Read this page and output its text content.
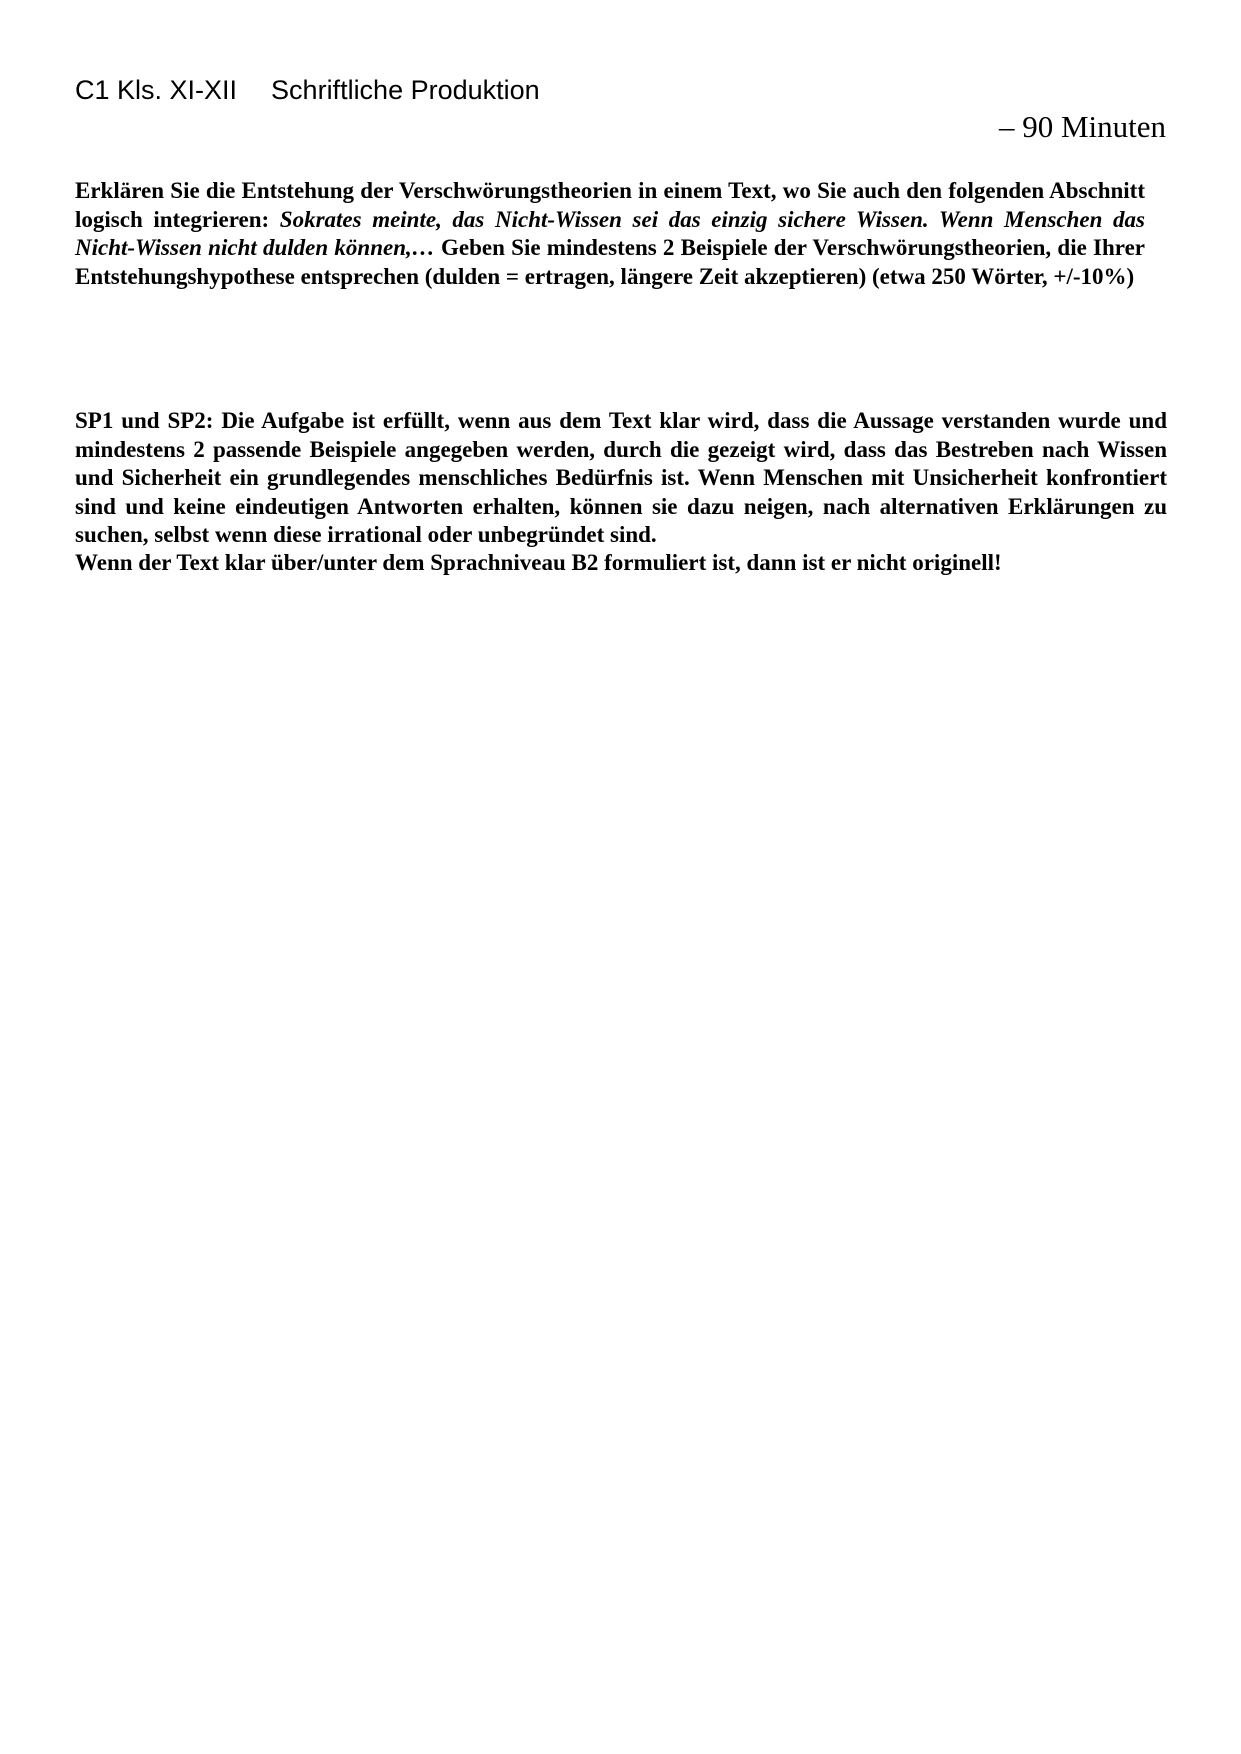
C1 Kls. XI-XII Schriftliche Produktion
– 90 Minuten

Erklären Sie die Entstehung der Verschwörungstheorien in einem Text, wo Sie auch den folgenden Abschnitt logisch integrieren: Sokrates meinte, das Nicht-Wissen sei das einzig sichere Wissen. Wenn Menschen das Nicht-Wissen nicht dulden können,… Geben Sie mindestens 2 Beispiele der Verschwörungstheorien, die Ihrer Entstehungshypothese entsprechen (dulden = ertragen, längere Zeit akzeptieren) (etwa 250 Wörter, +/-10%)

SP1 und SP2: Die Aufgabe ist erfüllt, wenn aus dem Text klar wird, dass die Aussage verstanden wurde und mindestens 2 passende Beispiele angegeben werden, durch die gezeigt wird, dass das Bestreben nach Wissen und Sicherheit ein grundlegendes menschliches Bedürfnis ist. Wenn Menschen mit Unsicherheit konfrontiert sind und keine eindeutigen Antworten erhalten, können sie dazu neigen, nach alternativen Erklärungen zu suchen, selbst wenn diese irrational oder unbegründet sind.

Wenn der Text klar über/unter dem Sprachniveau B2 formuliert ist, dann ist er nicht originell!
